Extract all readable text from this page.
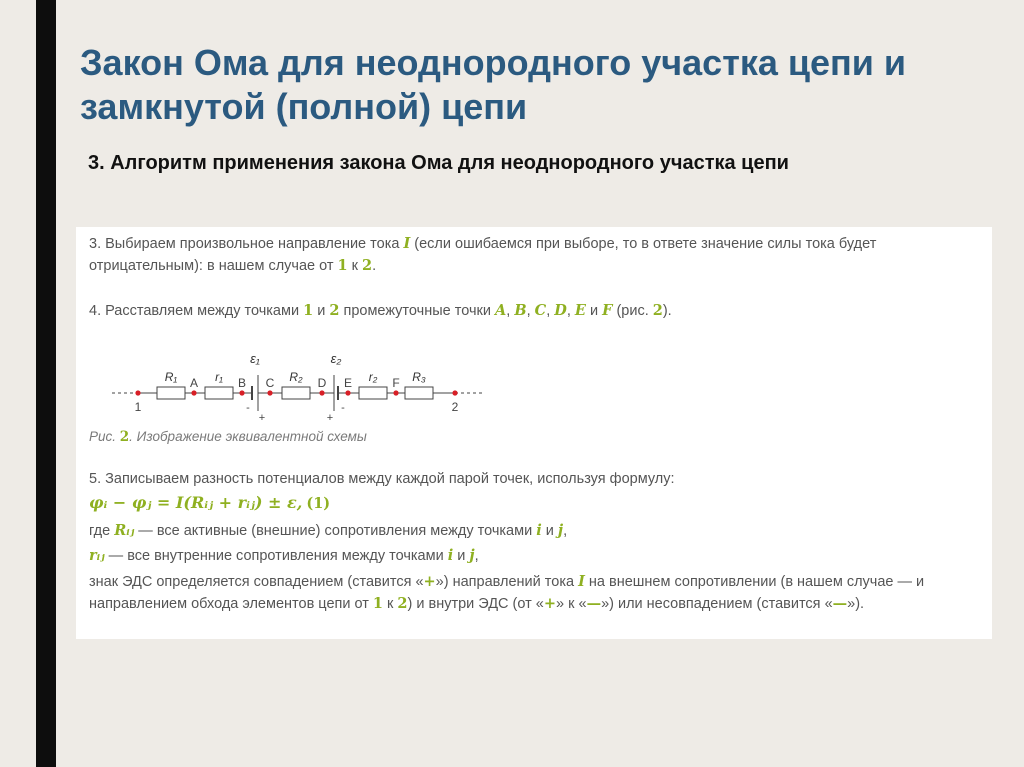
Закон Ома для неоднородного участка цепи и замкнутой (полной) цепи
3. Алгоритм применения закона Ома для неоднородного участка цепи

3. Выбираем произвольное направление тока I (если ошибаемся при выборе, то в ответе значение силы тока будет отрицательным): в нашем случае от 1 к 2.

4. Расставляем между точками 1 и 2 промежуточные точки A, B, C, D, E и F (рис. 2).

R₁	r₁	R₂	r₂	R₃
ε₁	ε₂
A	B C	D E	F
1	2
-
+	+
-

Рис. 2. Изображение эквивалентной схемы

5. Записываем разность потенциалов между каждой парой точек, используя формулу:

φᵢ − φⱼ = I(Rᵢⱼ + rᵢⱼ) ± ε, (1)

где Rᵢⱼ — все активные (внешние) сопротивления между точками i и j,

rᵢⱼ — все внутренние сопротивления между точками i и j,

знак ЭДС определяется совпадением (ставится «+») направлений тока I на внешнем сопротивлении (в нашем случае — и направлением обхода элементов цепи от 1 к 2) и внутри ЭДС (от «+» к «—») или несовпадением (ставится «—»).
